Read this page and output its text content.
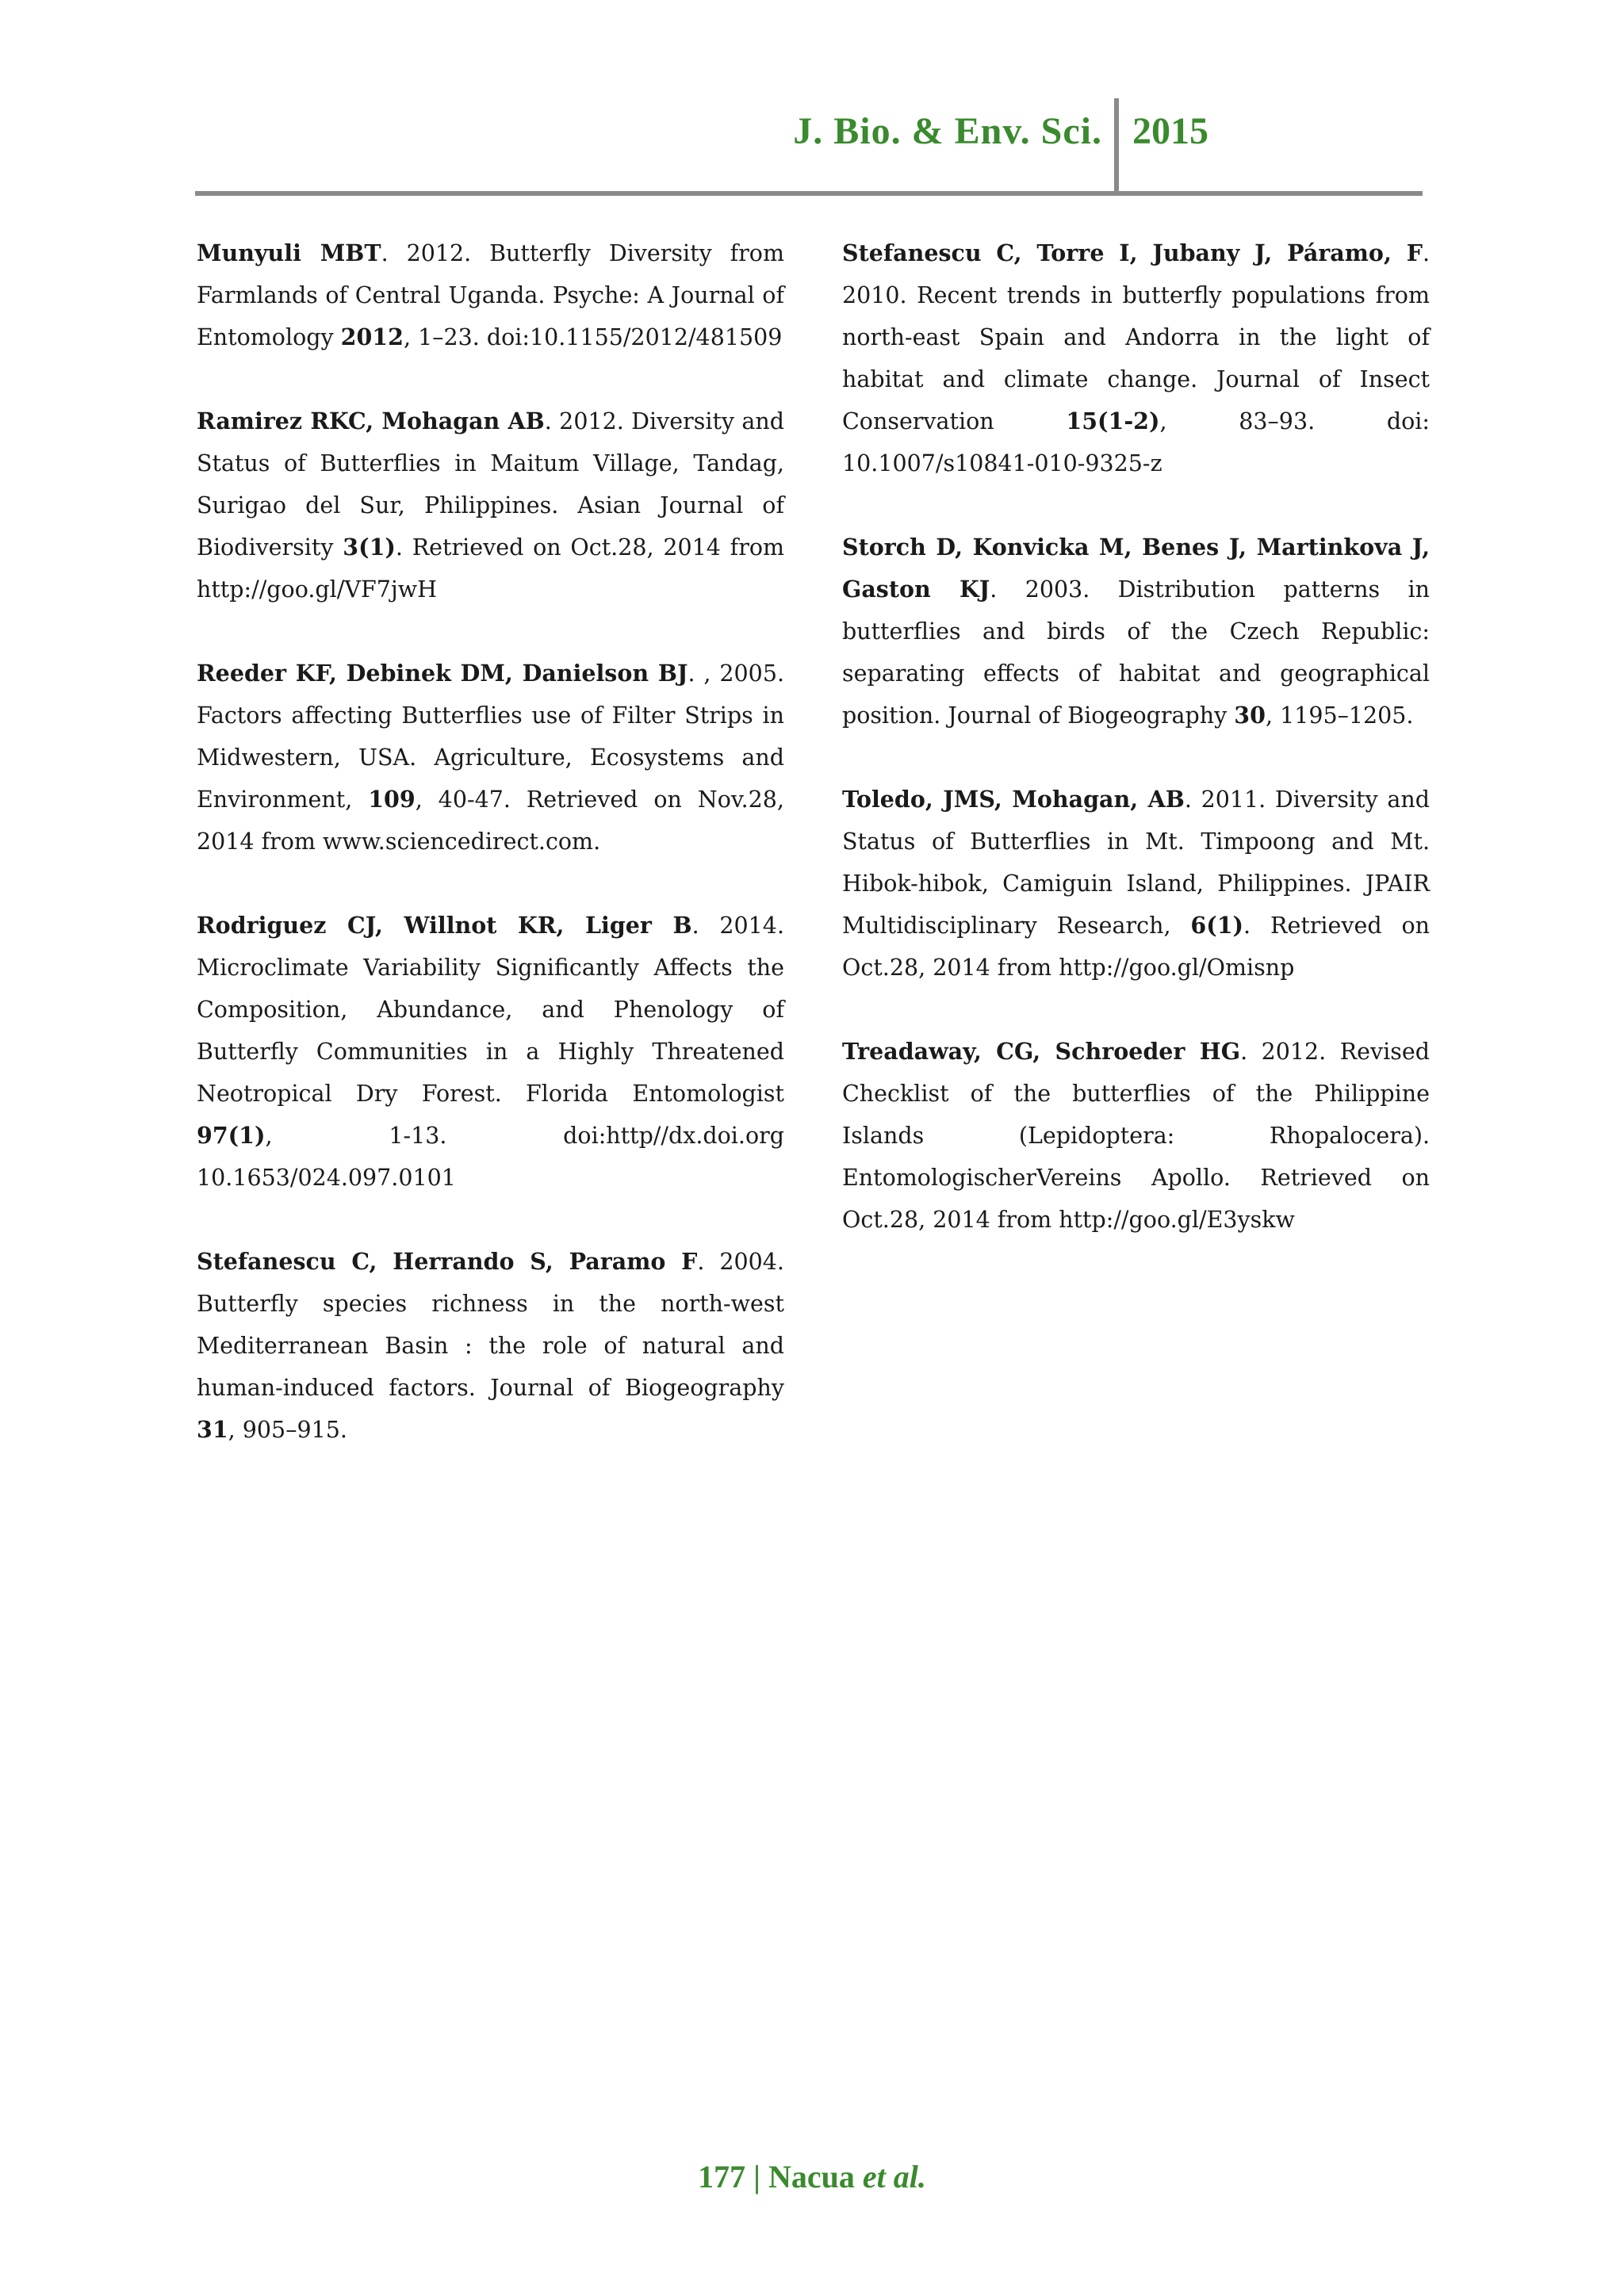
J. Bio. & Env. Sci. 2015

Munyuli MBT. 2012. Butterfly Diversity from Farmlands of Central Uganda. Psyche: A Journal of Entomology 2012, 1–23. doi:10.1155/2012/481509

Ramirez RKC, Mohagan AB. 2012. Diversity and Status of Butterflies in Maitum Village, Tandag, Surigao del Sur, Philippines. Asian Journal of Biodiversity 3(1). Retrieved on Oct.28, 2014 from http://goo.gl/VF7jwH

Reeder KF, Debinek DM, Danielson BJ. , 2005. Factors affecting Butterflies use of Filter Strips in Midwestern, USA. Agriculture, Ecosystems and Environment, 109, 40-47. Retrieved on Nov.28, 2014 from www.sciencedirect.com.

Rodriguez CJ, Willnot KR, Liger B. 2014. Microclimate Variability Significantly Affects the Composition, Abundance, and Phenology of Butterfly Communities in a Highly Threatened Neotropical Dry Forest. Florida Entomologist 97(1), 1-13. doi:http//dx.doi.org 10.1653/024.097.0101

Stefanescu C, Herrando S, Paramo F. 2004. Butterfly species richness in the north-west Mediterranean Basin : the role of natural and human-induced factors. Journal of Biogeography 31, 905–915.

Stefanescu C, Torre I, Jubany J, Páramo, F. 2010. Recent trends in butterfly populations from north-east Spain and Andorra in the light of habitat and climate change. Journal of Insect Conservation 15(1-2), 83–93. doi: 10.1007/s10841-010-9325-z

Storch D, Konvicka M, Benes J, Martinkova J, Gaston KJ. 2003. Distribution patterns in butterflies and birds of the Czech Republic: separating effects of habitat and geographical position. Journal of Biogeography 30, 1195–1205.

Toledo, JMS, Mohagan, AB. 2011. Diversity and Status of Butterflies in Mt. Timpoong and Mt. Hibok-hibok, Camiguin Island, Philippines. JPAIR Multidisciplinary Research, 6(1). Retrieved on Oct.28, 2014 from http://goo.gl/Omisnp

Treadaway, CG, Schroeder HG. 2012. Revised Checklist of the butterflies of the Philippine Islands (Lepidoptera: Rhopalocera). EntomologischerVereins Apollo. Retrieved on Oct.28, 2014 from http://goo.gl/E3yskw

177 | Nacua et al.
